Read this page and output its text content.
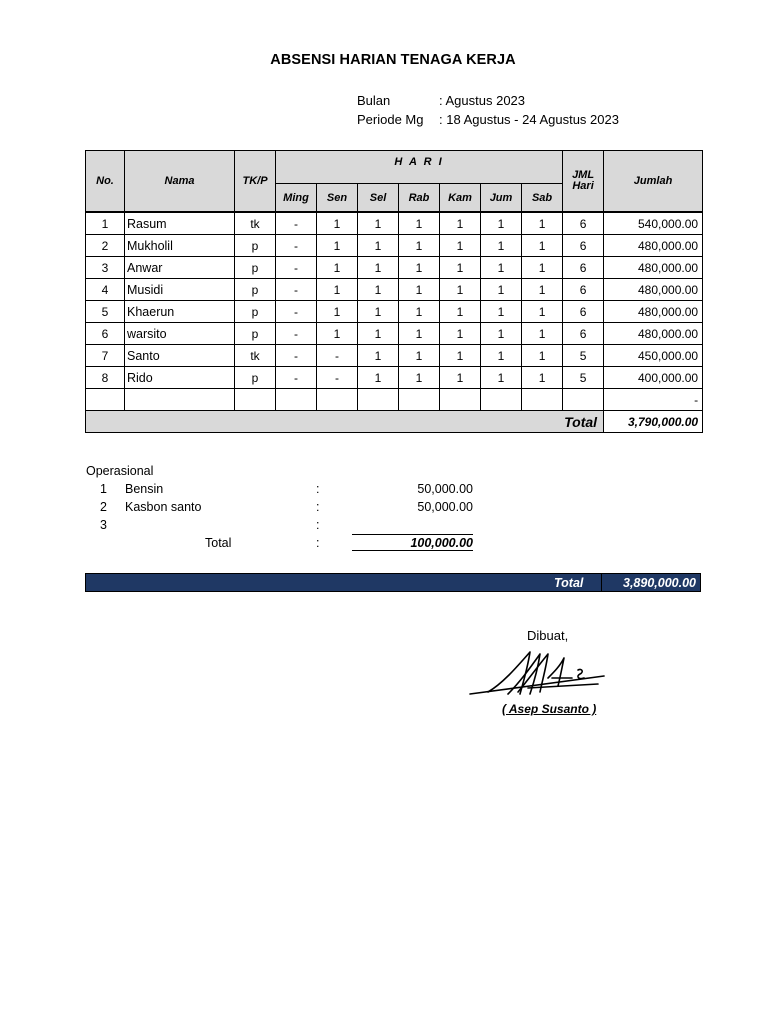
ABSENSI HARIAN TENAGA KERJA
Bulan	: Agustus 2023
Periode Mg : 18 Agustus - 24 Agustus 2023
No.	Nama	TK/P	H A R I							JML Hari	Jumlah
			Ming	Sen	Sel	Rab	Kam	Jum	Sab		
1	Rasum	tk	-	1	1	1	1	1	1	6	540,000.00
2	Mukholil	p	-	1	1	1	1	1	1	6	480,000.00
3	Anwar	p	-	1	1	1	1	1	1	6	480,000.00
4	Musidi	p	-	1	1	1	1	1	1	6	480,000.00
5	Khaerun	p	-	1	1	1	1	1	1	6	480,000.00
6	warsito	p	-	1	1	1	1	1	1	6	480,000.00
7	Santo	tk	-	-	1	1	1	1	1	5	450,000.00
8	Rido	p	-	-	1	1	1	1	1	5	400,000.00
											-
Total											3,790,000.00
Operasional
1 Bensin	:	50,000.00
2 Kasbon santo	:	50,000.00
3	:
Total	:	100,000.00
Total	3,890,000.00
Dibuat,
( Asep Susanto )
